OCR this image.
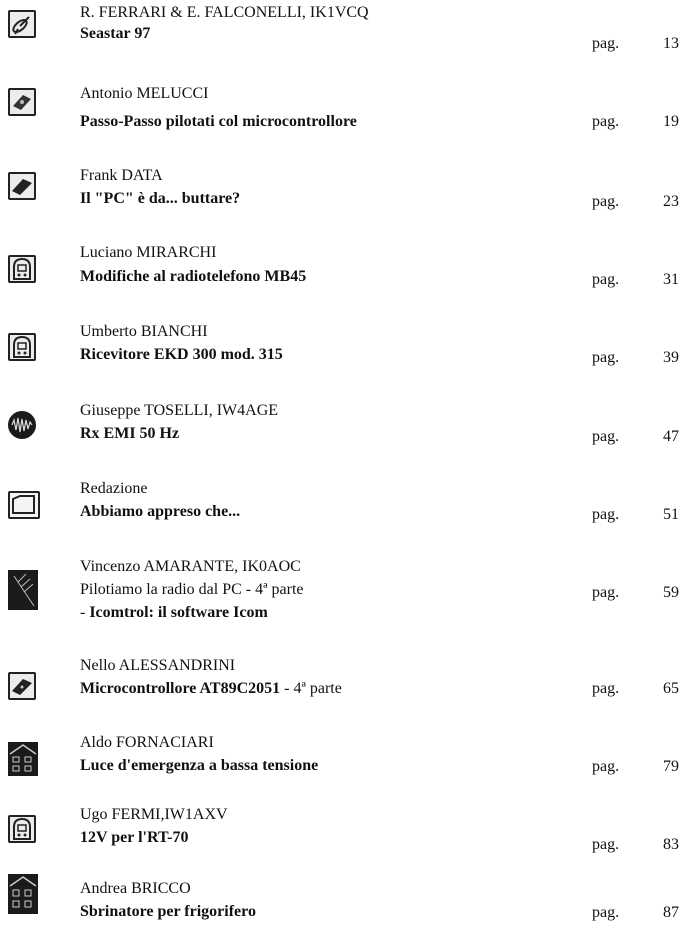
R. FERRARI & E. FALCONELLI, IK1VCQ
Seastar 97
pag.	13
Antonio MELUCCI
Passo-Passo pilotati col microcontrollore	pag.	19
Frank DATA
Il "PC" è da... buttare?	pag.	23
Luciano MIRARCHI
Modifiche al radiotelefono MB45	pag.	31
Umberto BIANCHI
Ricevitore EKD 300 mod. 315	pag.	39
Giuseppe TOSELLI, IW4AGE
Rx EMI 50 Hz	pag.	47
Redazione
Abbiamo appreso che...	pag.	51
Vincenzo AMARANTE, IK0AOC
Pilotiamo la radio dal PC - 4ª parte
- Icomtrol: il software Icom
pag.	59
Nello ALESSANDRINI
Microcontrollore AT89C2051 - 4ª parte	pag.	65
Aldo FORNACIARI
Luce d'emergenza a bassa tensione	pag.	79
Ugo FERMI,IW1AXV
12V per l'RT-70	pag.	83
Andrea BRICCO
Sbrinatore per frigorifero	pag.	87
